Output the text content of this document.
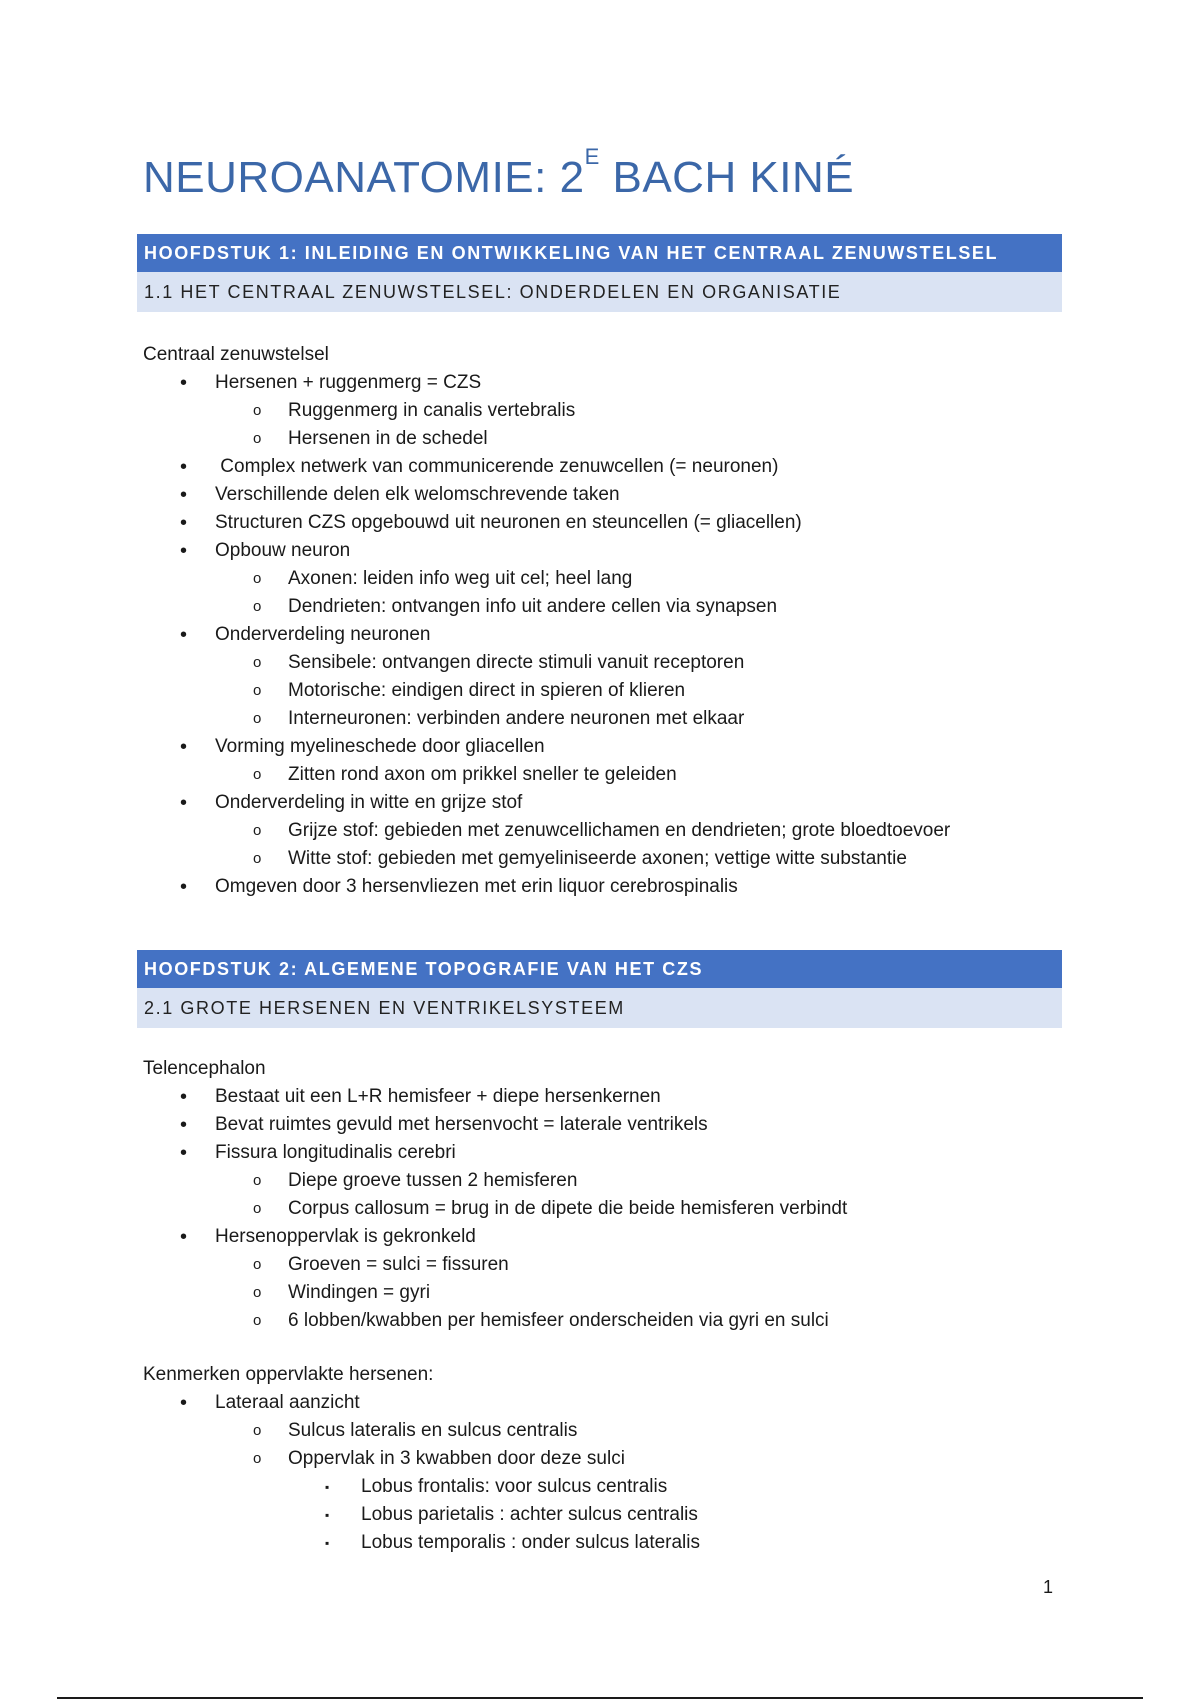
NEUROANATOMIE: $2^E$ BACH KINÉ
HOOFDSTUK 1: INLEIDING EN ONTWIKKELING VAN HET CENTRAAL ZENUWSTELSEL
1.1 HET CENTRAAL ZENUWSTELSEL: ONDERDELEN EN ORGANISATIE

Centraal zenuwstelsel

• Hersenen + ruggenmerg = CZS
o Ruggenmerg in canalis vertebralis
o Hersenen in de schedel
• Complex netwerk van communicerende zenuwcellen (= neuronen)
• Verschillende delen elk welomschrevende taken
• Structuren CZS opgebouwd uit neuronen en steuncellen (= gliacellen)
• Opbouw neuron
o Axonen: leiden info weg uit cel; heel lang
o Dendrieten: ontvangen info uit andere cellen via synapsen
• Onderverdeling neuronen
o Sensibele: ontvangen directe stimuli vanuit receptoren
o Motorische: eindigen direct in spieren of klieren
o Interneuronen: verbinden andere neuronen met elkaar
• Vorming myelineschede door gliacellen
o Zitten rond axon om prikkel sneller te geleiden
• Onderverdeling in witte en grijze stof
o Grijze stof: gebieden met zenuwcellichamen en dendrieten; grote bloedtoevoer
o Witte stof: gebieden met gemyeliniseerde axonen; vettige witte substantie
• Omgeven door 3 hersenvliezen met erin liquor cerebrospinalis
HOOFDSTUK 2: ALGEMENE TOPOGRAFIE VAN HET CZS
2.1 GROTE HERSENEN EN VENTRIKELSYSTEEM

Telencephalon

• Bestaat uit een L+R hemisfeer + diepe hersenkernen
• Bevat ruimtes gevuld met hersenvocht = laterale ventrikels
• Fissura longitudinalis cerebri
o Diepe groeve tussen 2 hemisferen
o Corpus callosum = brug in de dipete die beide hemisferen verbindt
• Hersenoppervlak is gekronkeld
o Groeven = sulci = fissuren
o Windingen = gyri
o 6 lobben/kwabben per hemisfeer onderscheiden via gyri en sulci

Kenmerken oppervlakte hersenen:

• Lateraal aanzicht
o Sulcus lateralis en sulcus centralis
o Oppervlak in 3 kwabben door deze sulci
▪ Lobus frontalis: voor sulcus centralis
▪ Lobus parietalis : achter sulcus centralis
▪ Lobus temporalis : onder sulcus lateralis
1
